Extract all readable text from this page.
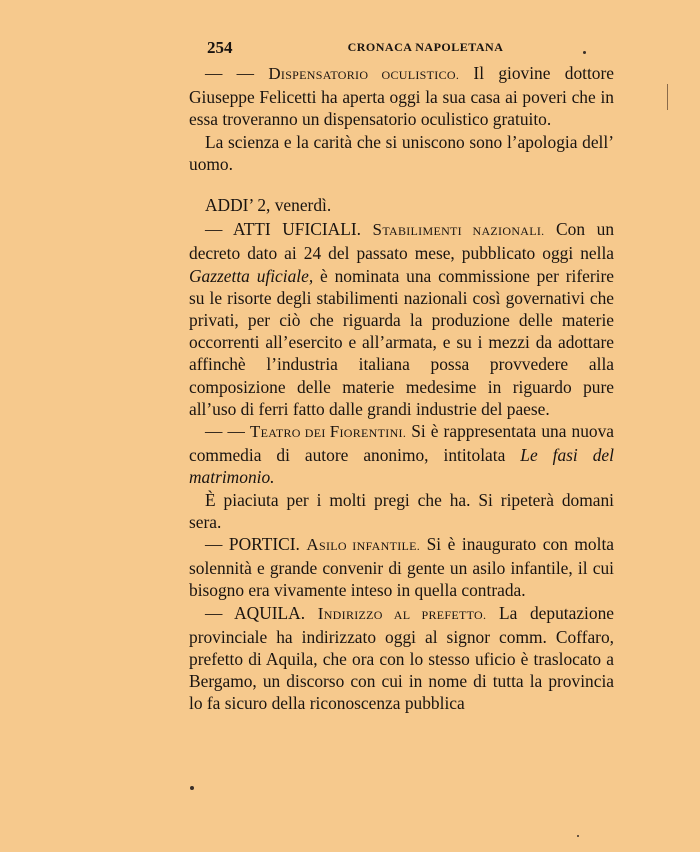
254	CRONACA NAPOLETANA

— — DISPENSATORIO OCULISTICO. Il giovine dottore Giuseppe Felicetti ha aperta oggi la sua casa ai poveri che in essa troveranno un dispensatorio oculistico gratuito.

La scienza e la carità che si uniscono sono l’apologia dell’ uomo.

ADDI’ 2, venerdì.

— ATTI UFICIALI. STABILIMENTI NAZIONALI. Con un decreto dato ai 24 del passato mese, pubblicato oggi nella Gazzetta uficiale, è nominata una commissione per riferire su le risorte degli stabilimenti nazionali così governativi che privati, per ciò che riguarda la produzione delle materie occorrenti all’esercito e all’armata, e su i mezzi da adottare affinchè l’industria italiana possa provvedere alla composizione delle materie medesime in riguardo pure all’uso di ferri fatto dalle grandi industrie del paese.

— — TEATRO DEI FIORENTINI. Si è rappresentata una nuova commedia di autore anonimo, intitolata Le fasi del matrimonio.

È piaciuta per i molti pregi che ha. Si ripeterà domani sera.

— PORTICI. ASILO INFANTILE. Si è inaugurato con molta solennità e grande convenir di gente un asilo infantile, il cui bisogno era vivamente inteso in quella contrada.

— AQUILA. INDIRIZZO AL PREFETTO. La deputazione provinciale ha indirizzato oggi al signor comm. Coffaro, prefetto di Aquila, che ora con lo stesso uficio è traslocato a Bergamo, un discorso con cui in nome di tutta la provincia lo fa sicuro della riconoscenza pubblica
